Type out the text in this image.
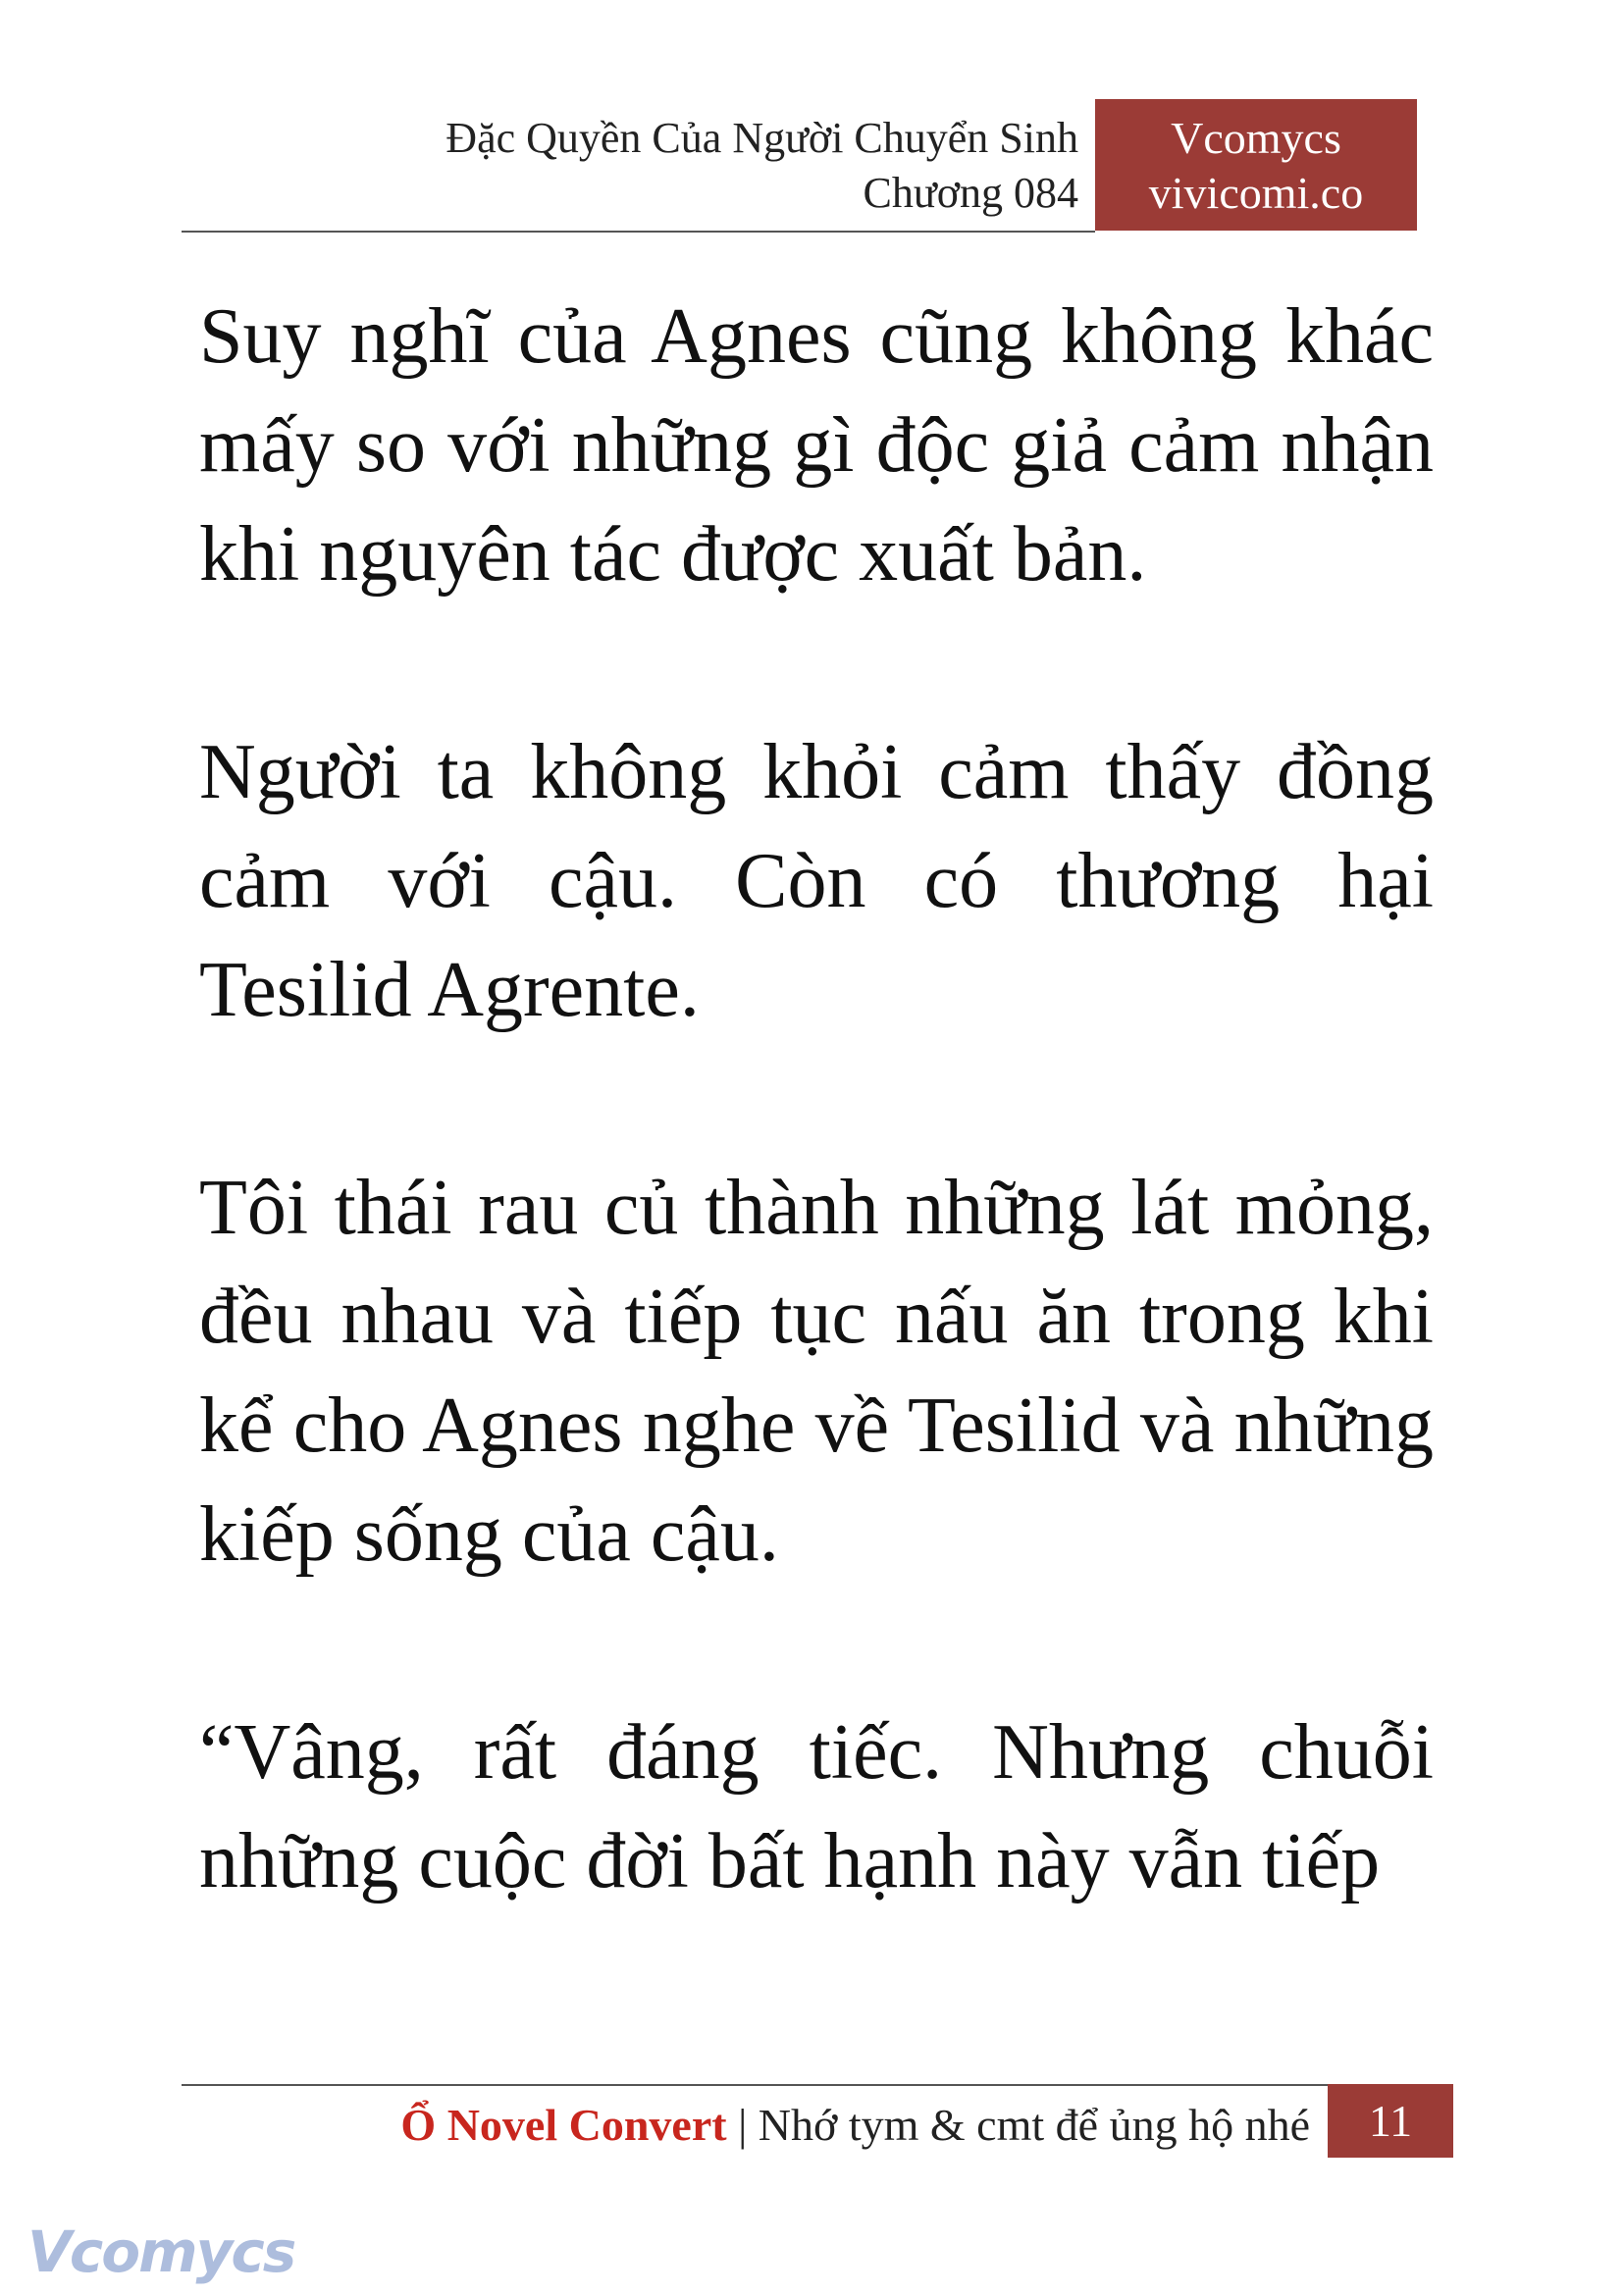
Đặc Quyền Của Người Chuyển Sinh
Chương 084
Vcomycs
vivicomi.co

Suy nghĩ của Agnes cũng không khác mấy so với những gì độc giả cảm nhận khi nguyên tác được xuất bản.

Người ta không khỏi cảm thấy đồng cảm với cậu. Còn có thương hại Tesilid Agrente.

Tôi thái rau củ thành những lát mỏng, đều nhau và tiếp tục nấu ăn trong khi kể cho Agnes nghe về Tesilid và những kiếp sống của cậu.

“Vâng, rất đáng tiếc. Nhưng chuỗi những cuộc đời bất hạnh này vẫn tiếp

Ổ Novel Convert | Nhớ tym & cmt để ủng hộ nhé	11
Vcomycs
